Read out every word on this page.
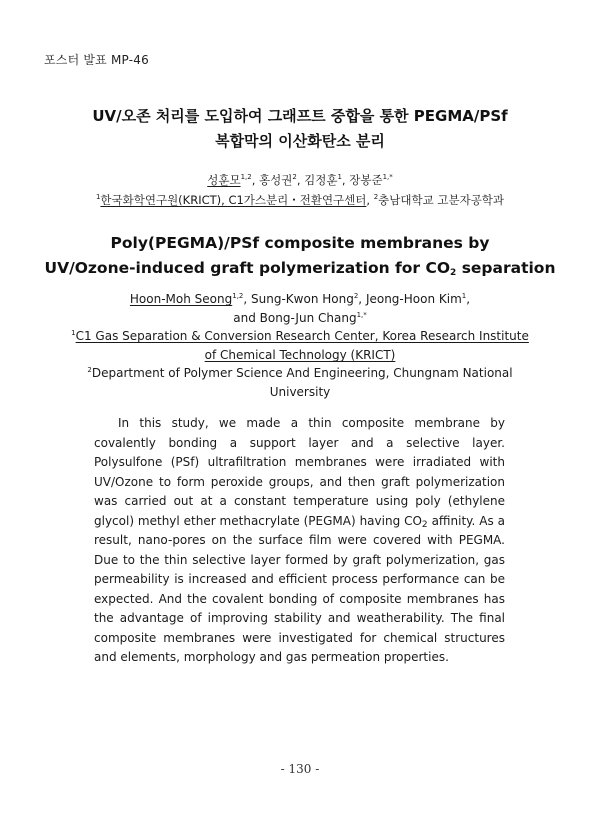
포스터 발표 MP-46
UV/오존 처리를 도입하여 그래프트 중합을 통한 PEGMA/PSf
복합막의 이산화탄소 분리
성훈모$^{1,2}$, 홍성권$^2$, 김정훈$^1$, 장봉준$^{1,*}$
$^1$한국화학연구원(KRICT), C1가스분리・전환연구센터, $^2$충남대학교 고분자공학과
Poly(PEGMA)/PSf composite membranes by
UV/Ozone-induced graft polymerization for $CO_2$ separation
Hoon-Moh Seong$^{1,2}$, Sung-Kwon Hong$^2$, Jeong-Hoon Kim$^1$,
and Bong-Jun Chang$^{1,*}$
$^1$C1 Gas Separation & Conversion Research Center, Korea Research Institute
of Chemical Technology (KRICT)
$^2$Department of Polymer Science And Engineering, Chungnam National
University

In this study, we made a thin composite membrane by covalently bonding a support layer and a selective layer. Polysulfone (PSf) ultrafiltration membranes were irradiated with UV/Ozone to form peroxide groups, and then graft polymerization was carried out at a constant temperature using poly (ethylene glycol) methyl ether methacrylate (PEGMA) having $CO_2$ affinity. As a result, nano-pores on the surface film were covered with PEGMA. Due to the thin selective layer formed by graft polymerization, gas permeability is increased and efficient process performance can be expected. And the covalent bonding of composite membranes has the advantage of improving stability and weatherability. The final composite membranes were investigated for chemical structures and elements, morphology and gas permeation properties.

- 130 -
